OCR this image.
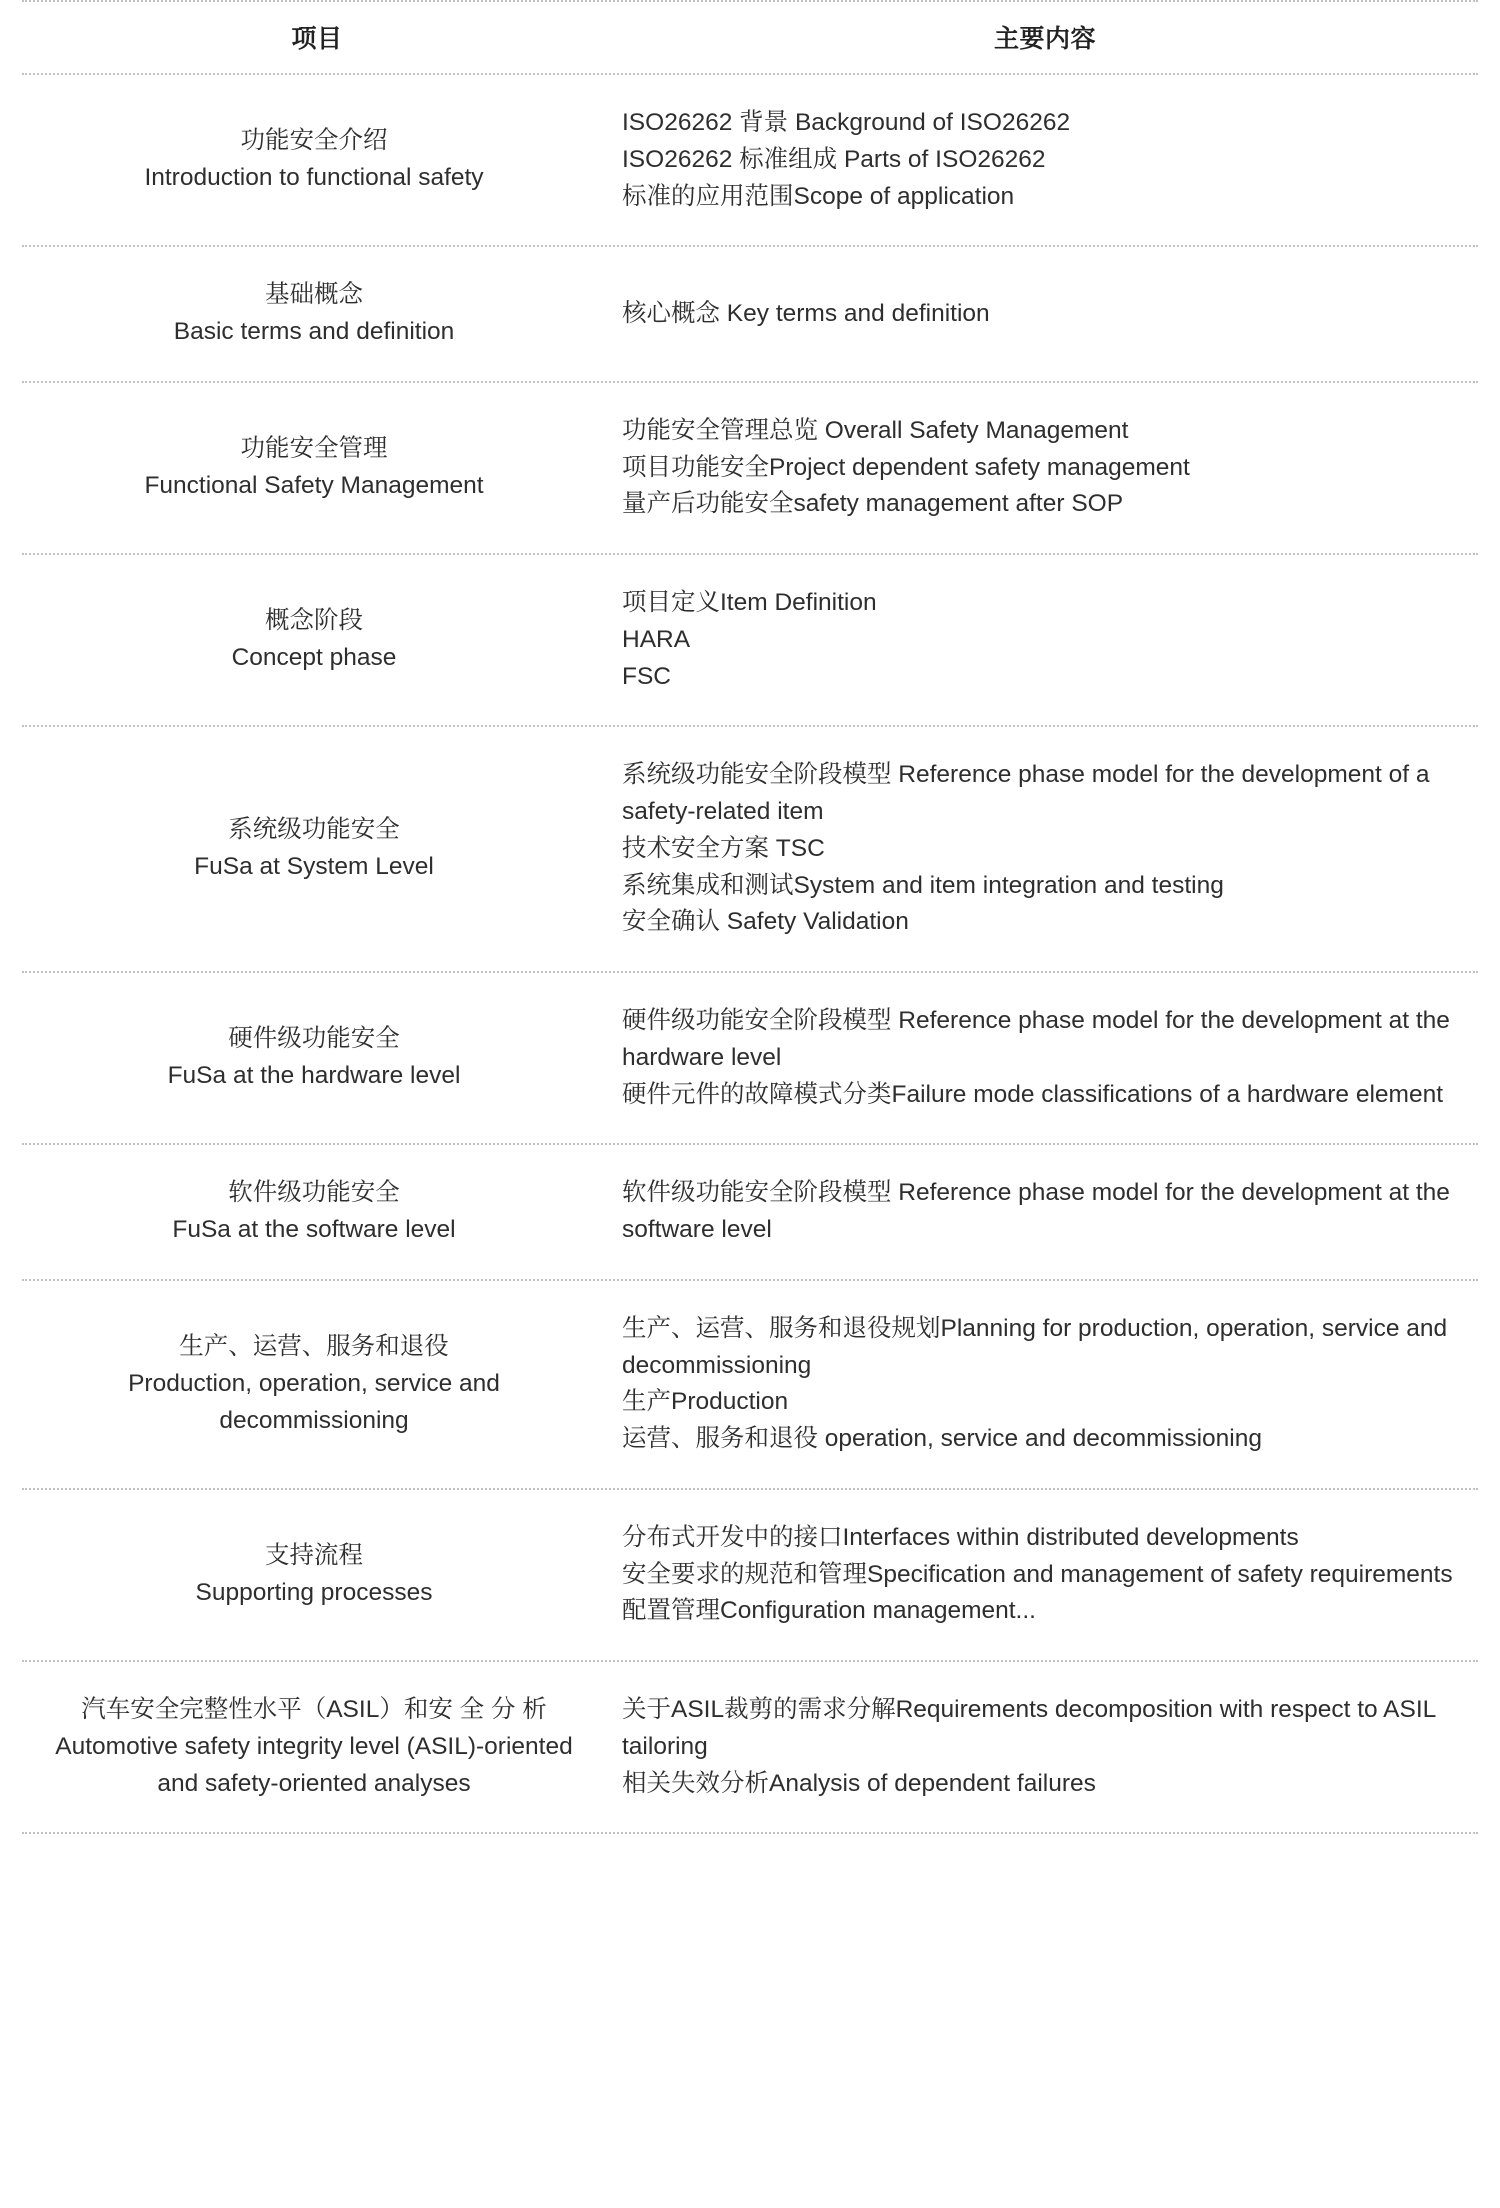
项目	主要内容

功能安全介绍
Introduction to functional safety	ISO26262 背景 Background of ISO26262
ISO26262 标准组成 Parts of ISO26262
标准的应用范围Scope of application

基础概念
Basic terms and definition	核心概念 Key terms and definition

功能安全管理
Functional Safety Management	功能安全管理总览 Overall Safety Management
项目功能安全Project dependent safety management
量产后功能安全safety management after SOP

概念阶段
Concept phase	项目定义Item Definition
HARA
FSC

系统级功能安全
FuSa at System Level	系统级功能安全阶段模型 Reference phase model for the development of a safety-related item
技术安全方案 TSC
系统集成和测试System and item integration and testing
安全确认 Safety Validation

硬件级功能安全
FuSa at the hardware level	硬件级功能安全阶段模型 Reference phase model for the development at the hardware level
硬件元件的故障模式分类Failure mode classifications of a hardware element

软件级功能安全
FuSa at the software level	软件级功能安全阶段模型 Reference phase model for the development at the software level

生产、运营、服务和退役
Production, operation, service and decommissioning	生产、运营、服务和退役规划Planning for production, operation, service and decommissioning
生产Production
运营、服务和退役 operation, service and decommissioning

支持流程
Supporting processes	分布式开发中的接口Interfaces within distributed developments
安全要求的规范和管理Specification and management of safety requirements
配置管理Configuration management...

汽车安全完整性水平（ASIL）和安 全 分 析
Automotive safety integrity level (ASIL)-oriented and safety-oriented analyses	关于ASIL裁剪的需求分解Requirements decomposition with respect to ASIL tailoring
相关失效分析Analysis of dependent failures
